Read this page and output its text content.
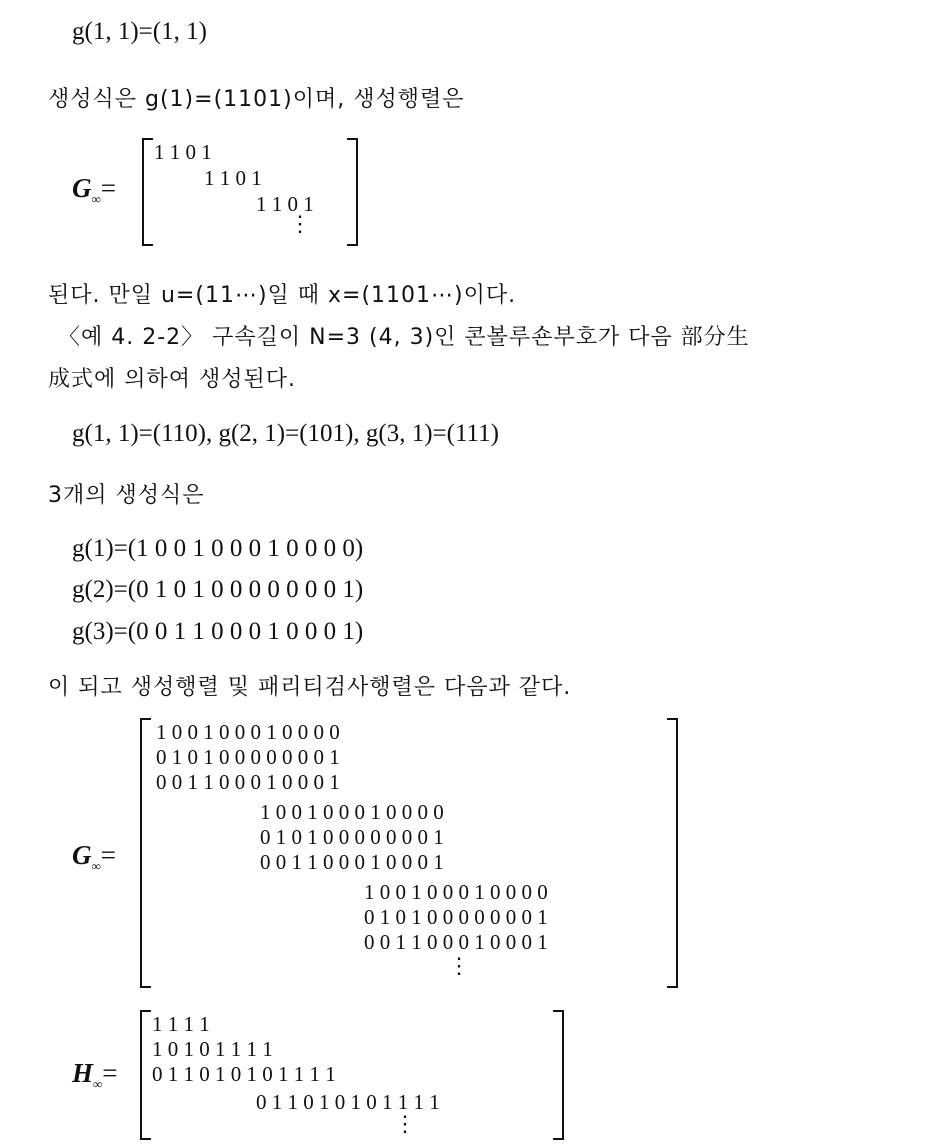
g(1, 1)=(1, 1)
생성식은 g(1)=(1101)이며, 생성행렬은
$G_\infty=$
1 1 0 1
1 1 0 1
1 1 0 1
⋮
된다. 만일 u=(11⋯)일 때 x=(1101⋯)이다.
〈예 4. 2-2〉 구속길이 N=3 (4, 3)인 콘볼루숀부호가 다음 部分生
成式에 의하여 생성된다.
g(1, 1)=(110), g(2, 1)=(101), g(3, 1)=(111)
3개의 생성식은
g(1)=(1 0 0 1 0 0 0 1 0 0 0 0)
g(2)=(0 1 0 1 0 0 0 0 0 0 0 1)
g(3)=(0 0 1 1 0 0 0 1 0 0 0 1)
이 되고 생성행렬 및 패리티검사행렬은 다음과 같다.
$G_\infty=$
1 0 0 1 0 0 0 1 0 0 0 0
0 1 0 1 0 0 0 0 0 0 0 1
0 0 1 1 0 0 0 1 0 0 0 1
1 0 0 1 0 0 0 1 0 0 0 0
0 1 0 1 0 0 0 0 0 0 0 1
0 0 1 1 0 0 0 1 0 0 0 1
1 0 0 1 0 0 0 1 0 0 0 0
0 1 0 1 0 0 0 0 0 0 0 1
0 0 1 1 0 0 0 1 0 0 0 1
⋮
$H_\infty=$
1 1 1 1
1 0 1 0 1 1 1 1
0 1 1 0 1 0 1 0 1 1 1 1
0 1 1 0 1 0 1 0 1 1 1 1
⋮
